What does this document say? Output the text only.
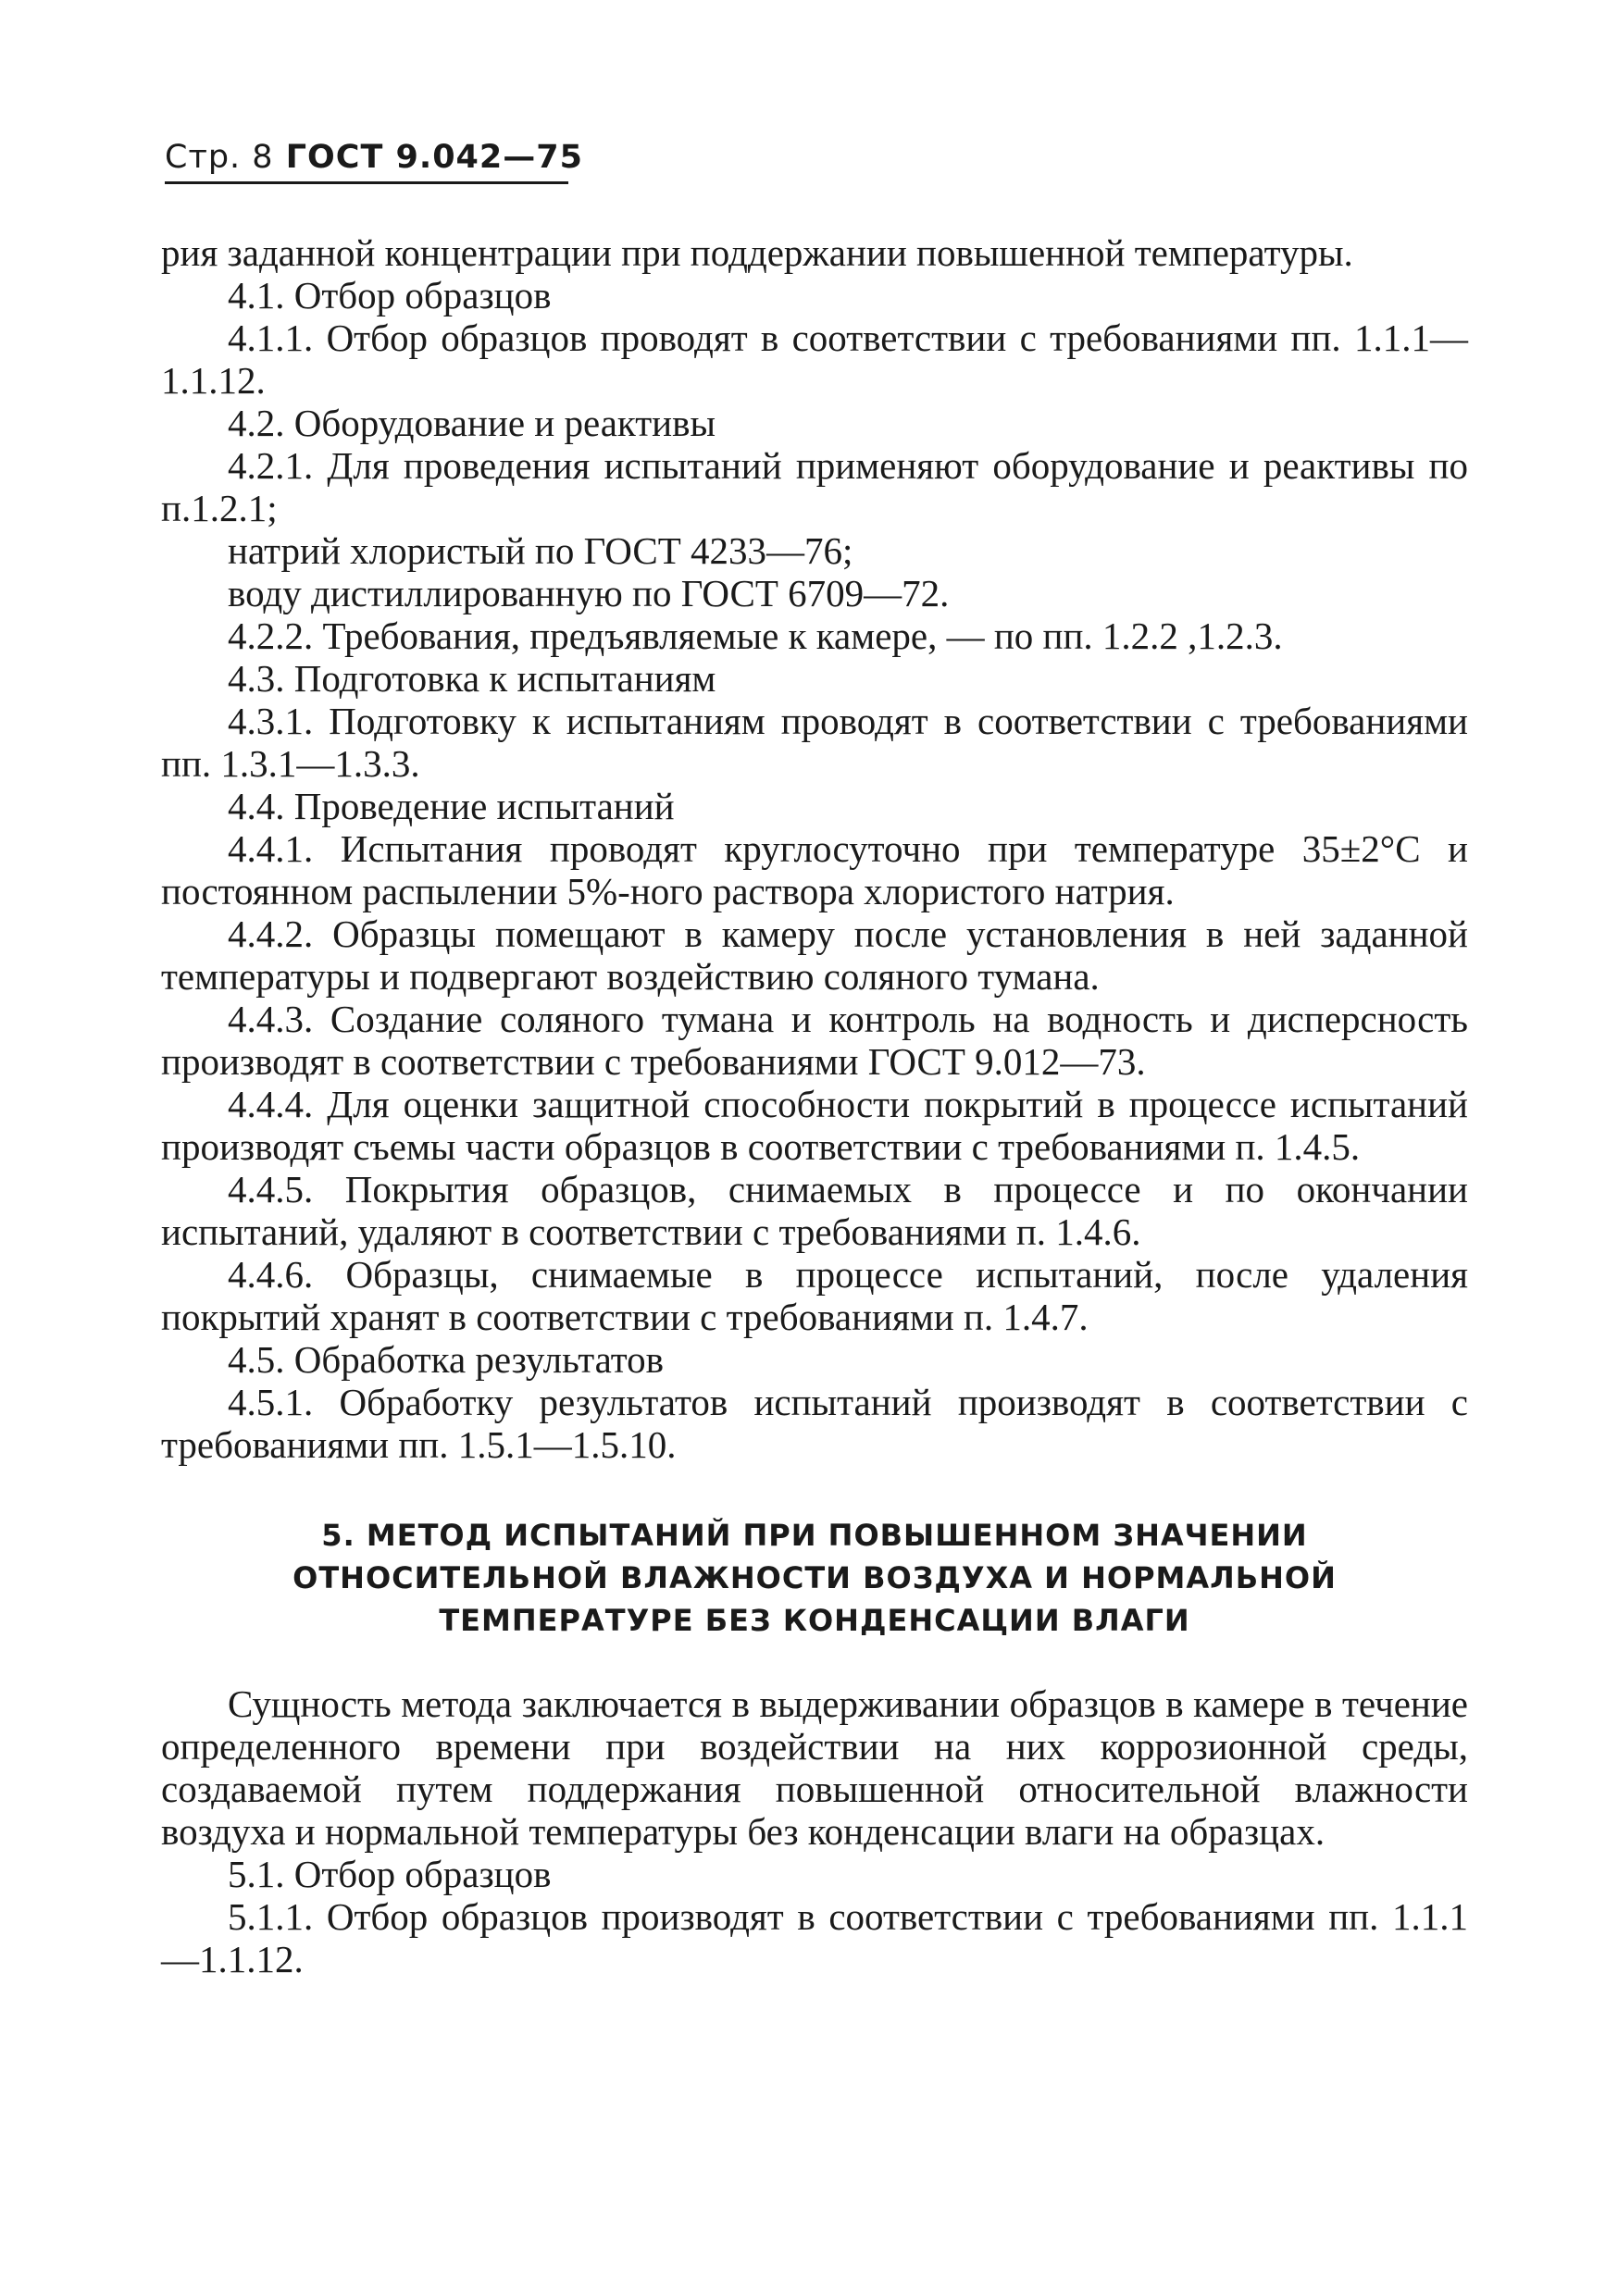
Стр. 8 ГОСТ 9.042—75

рия заданной концентрации при поддержании повышенной температуры.

4.1. Отбор образцов

4.1.1. Отбор образцов проводят в соответствии с требованиями пп. 1.1.1—1.1.12.

4.2. Оборудование и реактивы

4.2.1. Для проведения испытаний применяют оборудование и реактивы по п.1.2.1;

натрий хлористый по ГОСТ 4233—76;

воду дистиллированную по ГОСТ 6709—72.

4.2.2. Требования, предъявляемые к камере, — по пп. 1.2.2 ,1.2.3.

4.3. Подготовка к испытаниям

4.3.1. Подготовку к испытаниям проводят в соответствии с требованиями пп. 1.3.1—1.3.3.

4.4. Проведение испытаний

4.4.1. Испытания проводят круглосуточно при температуре 35±2°С и постоянном распылении 5%-ного раствора хлористого натрия.

4.4.2. Образцы помещают в камеру после установления в ней заданной температуры и подвергают воздействию соляного тумана.

4.4.3. Создание соляного тумана и контроль на водность и дисперсность производят в соответствии с требованиями ГОСТ 9.012—73.

4.4.4. Для оценки защитной способности покрытий в процессе испытаний производят съемы части образцов в соответствии с требованиями п. 1.4.5.

4.4.5. Покрытия образцов, снимаемых в процессе и по окончании испытаний, удаляют в соответствии с требованиями п. 1.4.6.

4.4.6. Образцы, снимаемые в процессе испытаний, после удаления покрытий хранят в соответствии с требованиями п. 1.4.7.

4.5. Обработка результатов

4.5.1. Обработку результатов испытаний производят в соответствии с требованиями пп. 1.5.1—1.5.10.

5. МЕТОД ИСПЫТАНИЙ ПРИ ПОВЫШЕННОМ ЗНАЧЕНИИ ОТНОСИТЕЛЬНОЙ ВЛАЖНОСТИ ВОЗДУХА И НОРМАЛЬНОЙ ТЕМПЕРАТУРЕ БЕЗ КОНДЕНСАЦИИ ВЛАГИ

Сущность метода заключается в выдерживании образцов в камере в течение определенного времени при воздействии на них коррозионной среды, создаваемой путем поддержания повышенной относительной влажности воздуха и нормальной температуры без конденсации влаги на образцах.

5.1. Отбор образцов

5.1.1. Отбор образцов производят в соответствии с требованиями пп. 1.1.1—1.1.12.
